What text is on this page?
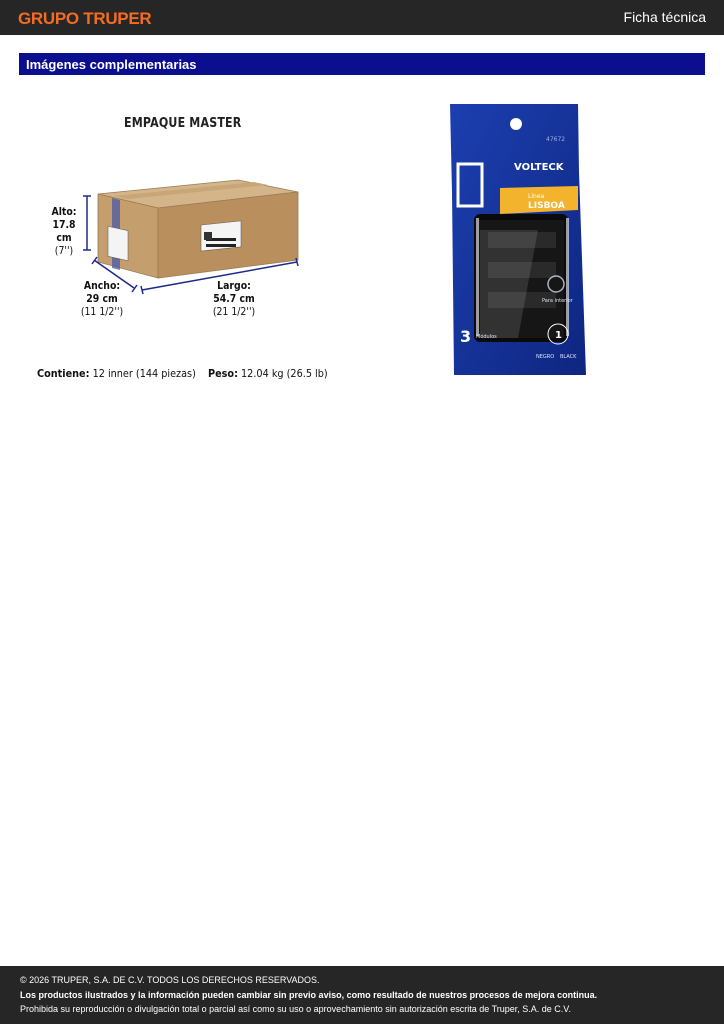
GRUPO TRUPER	Ficha técnica
Imágenes complementarias
EMPAQUE MASTER
Alto:
17.8 cm
(7'')
Ancho:
29 cm
(11 1/2'')
Largo:
54.7 cm
(21 1/2'')
Contiene: 12 inner (144 piezas) Peso: 12.04 kg (26.5 lb)
47672
VOLTECK
Línea
LISBOA
Para interior
3 Módulos	1
NEGRO BLACK
© 2026 TRUPER, S.A. DE C.V. TODOS LOS DERECHOS RESERVADOS.
Los productos ilustrados y la información pueden cambiar sin previo aviso, como resultado de nuestros procesos de mejora continua.
Prohibida su reproducción o divulgación total o parcial así como su uso o aprovechamiento sin autorización escrita de Truper, S.A. de C.V.
